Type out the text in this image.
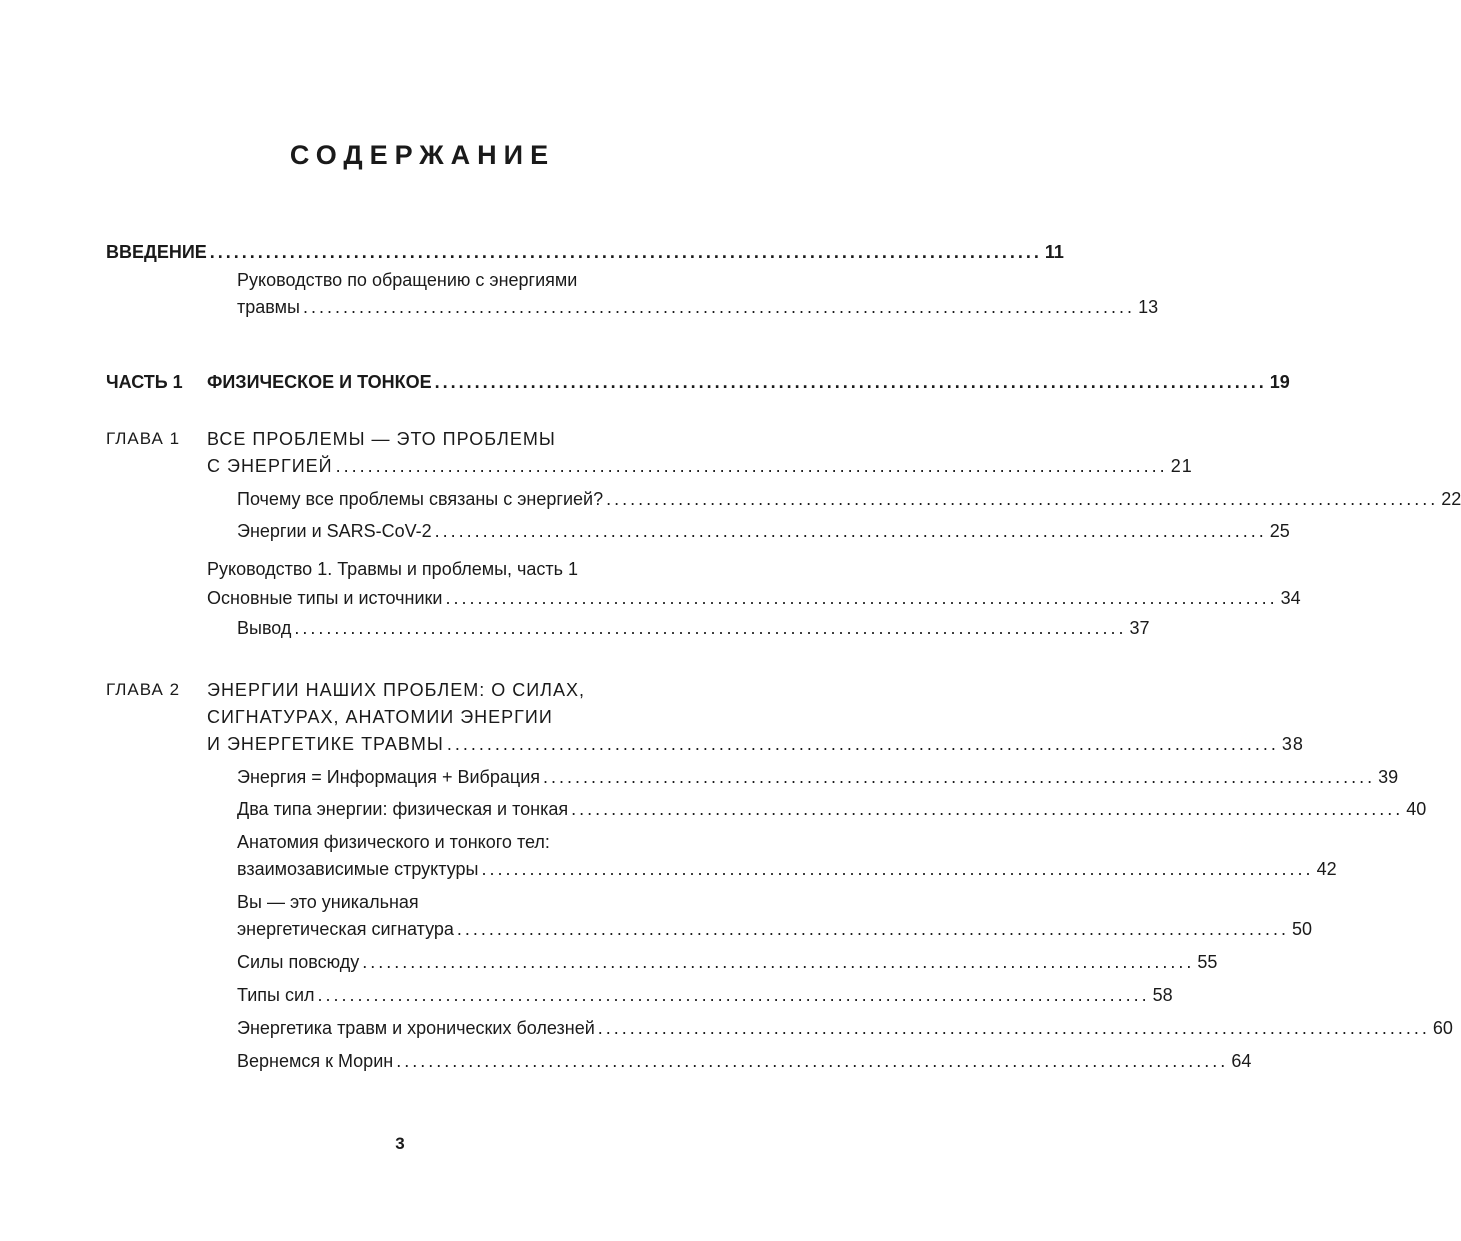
СОДЕРЖАНИЕ
ВВЕДЕНИЕ ........................................................................................................ 11
Руководство по обращению с энергиями
травмы ........................................................................................................ 13
ЧАСТЬ 1 ФИЗИЧЕСКОЕ И ТОНКОЕ ........................................................................................................ 19
ГЛАВА 1 ВСЕ ПРОБЛЕМЫ — ЭТО ПРОБЛЕМЫ
С ЭНЕРГИЕЙ ........................................................................................................ 21
Почему все проблемы связаны с энергией? ........................................................................................................ 22
Энергии и SARS-CoV-2 ........................................................................................................ 25
Руководство 1. Травмы и проблемы, часть 1
Основные типы и источники ........................................................................................................ 34
Вывод ........................................................................................................ 37
ГЛАВА 2 ЭНЕРГИИ НАШИХ ПРОБЛЕМ: О СИЛАХ,
СИГНАТУРАХ, АНАТОМИИ ЭНЕРГИИ
И ЭНЕРГЕТИКЕ ТРАВМЫ ........................................................................................................ 38
Энергия = Информация + Вибрация ........................................................................................................ 39
Два типа энергии: физическая и тонкая ........................................................................................................ 40
Анатомия физического и тонкого тел:
взаимозависимые структуры ........................................................................................................ 42
Вы — это уникальная
энергетическая сигнатура ........................................................................................................ 50
Силы повсюду ........................................................................................................ 55
Типы сил ........................................................................................................ 58
Энергетика травм и хронических болезней ........................................................................................................ 60
Вернемся к Морин ........................................................................................................ 64
3
